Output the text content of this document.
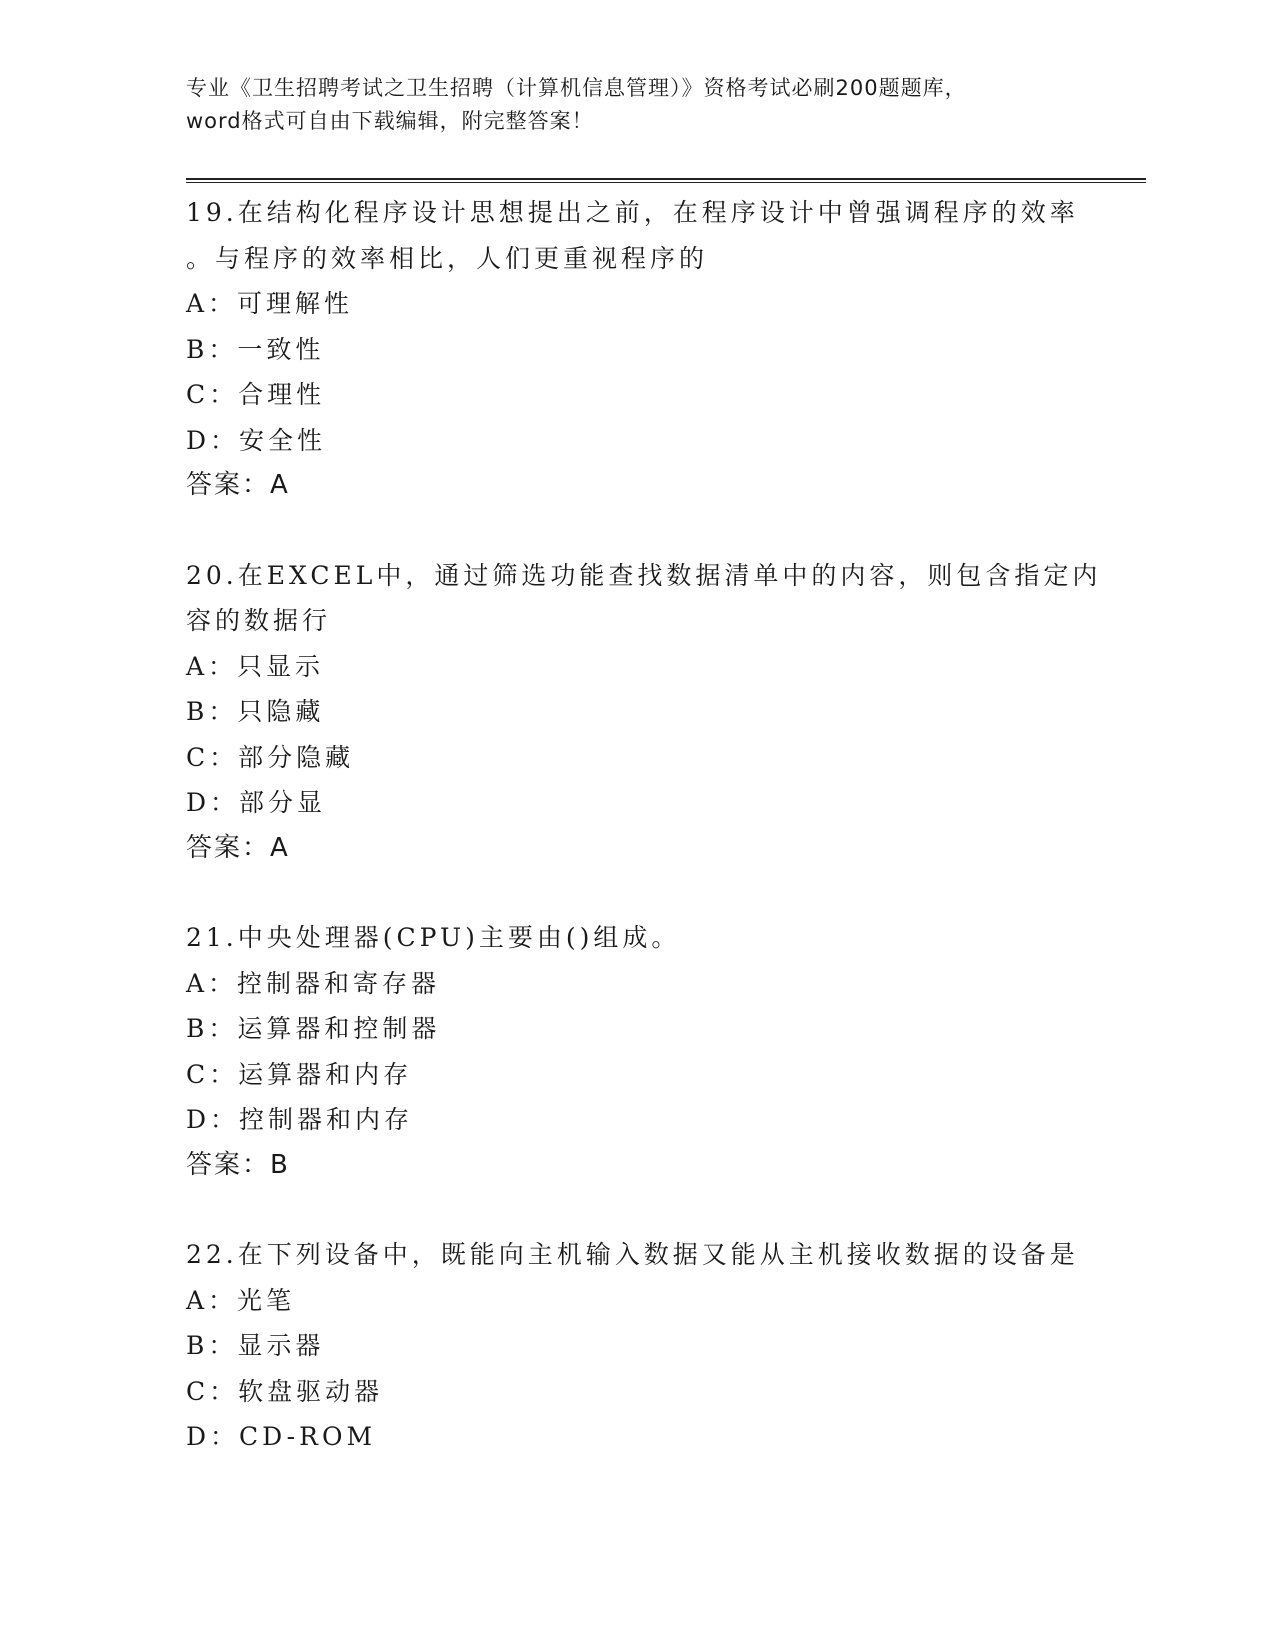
专业《卫生招聘考试之卫生招聘（计算机信息管理）》资格考试必刷200题题库，
word格式可自由下载编辑，附完整答案！
19.在结构化程序设计思想提出之前，在程序设计中曾强调程序的效率
。与程序的效率相比，人们更重视程序的
A：可理解性
B：一致性
C：合理性
D：安全性
答案：A
20.在EXCEL中，通过筛选功能查找数据清单中的内容，则包含指定内
容的数据行
A：只显示
B：只隐藏
C：部分隐藏
D：部分显
答案：A
21.中央处理器(CPU)主要由()组成。
A：控制器和寄存器
B：运算器和控制器
C：运算器和内存
D：控制器和内存
答案：B
22.在下列设备中，既能向主机输入数据又能从主机接收数据的设备是
A：光笔
B：显示器
C：软盘驱动器
D：CD-ROM
